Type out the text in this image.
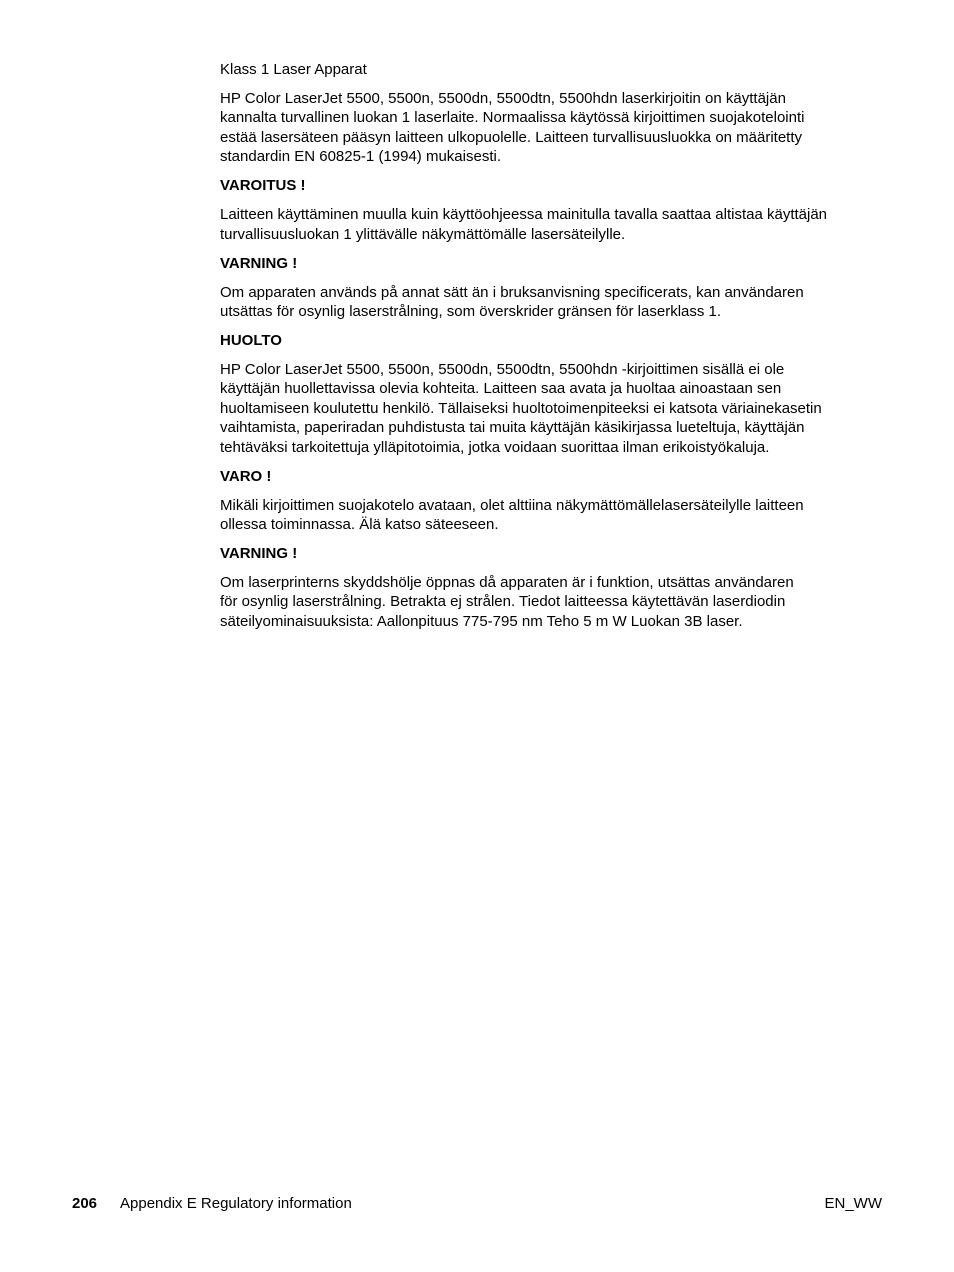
Klass 1 Laser Apparat

HP Color LaserJet 5500, 5500n, 5500dn, 5500dtn, 5500hdn laserkirjoitin on käyttäjän
kannalta turvallinen luokan 1 laserlaite. Normaalissa käytössä kirjoittimen suojakotelointi
estää lasersäteen pääsyn laitteen ulkopuolelle. Laitteen turvallisuusluokka on määritetty
standardin EN 60825-1 (1994) mukaisesti.

VAROITUS !

Laitteen käyttäminen muulla kuin käyttöohjeessa mainitulla tavalla saattaa altistaa käyttäjän
turvallisuusluokan 1 ylittävälle näkymättömälle lasersäteilylle.

VARNING !

Om apparaten används på annat sätt än i bruksanvisning specificerats, kan användaren
utsättas för osynlig laserstrålning, som överskrider gränsen för laserklass 1.

HUOLTO

HP Color LaserJet 5500, 5500n, 5500dn, 5500dtn, 5500hdn -kirjoittimen sisällä ei ole
käyttäjän huollettavissa olevia kohteita. Laitteen saa avata ja huoltaa ainoastaan sen
huoltamiseen koulutettu henkilö. Tällaiseksi huoltotoimenpiteeksi ei katsota väriainekasetin
vaihtamista, paperiradan puhdistusta tai muita käyttäjän käsikirjassa lueteltuja, käyttäjän
tehtäväksi tarkoitettuja ylläpitotoimia, jotka voidaan suorittaa ilman erikoistyökaluja.

VARO !

Mikäli kirjoittimen suojakotelo avataan, olet alttiina näkymättömällelasersäteilylle laitteen
ollessa toiminnassa. Älä katso säteeseen.

VARNING !

Om laserprinterns skyddshölje öppnas då apparaten är i funktion, utsättas användaren
för osynlig laserstrålning. Betrakta ej strålen. Tiedot laitteessa käytettävän laserdiodin
säteilyominaisuuksista: Aallonpituus 775-795 nm Teho 5 m W Luokan 3B laser.

206 Appendix E Regulatory information	EN_WW
